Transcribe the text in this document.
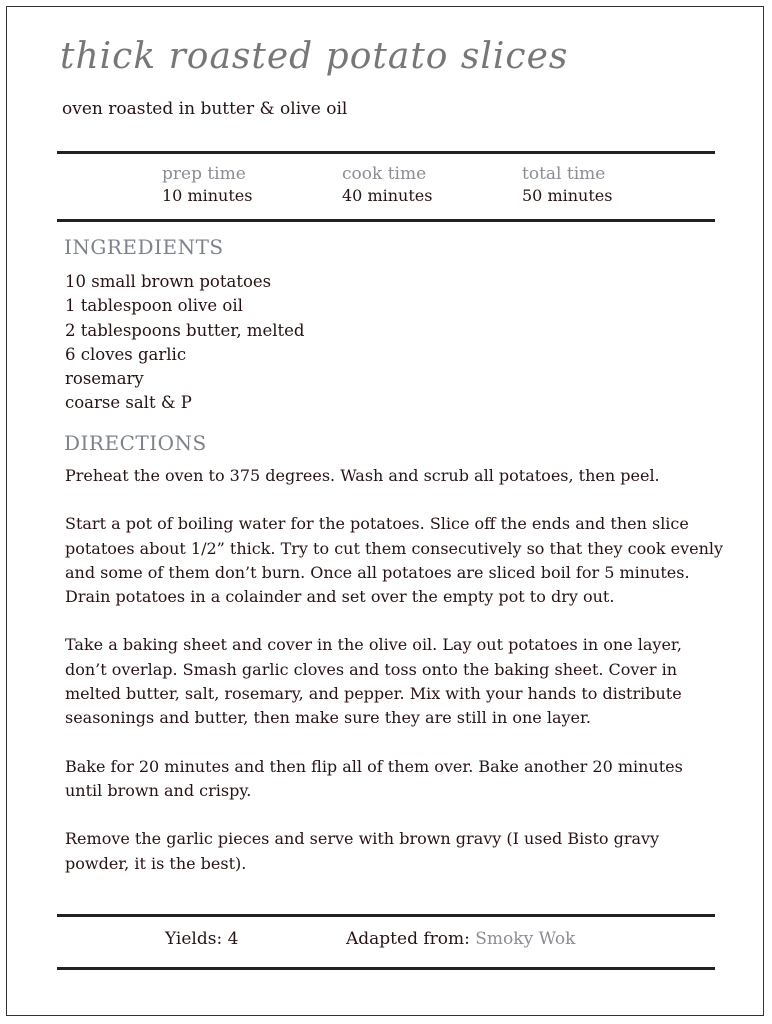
thick roasted potato slices
oven roasted in butter & olive oil
prep time
10 minutes
cook time
40 minutes
total time
50 minutes
INGREDIENTS
10 small brown potatoes
1 tablespoon olive oil
2 tablespoons butter, melted
6 cloves garlic
rosemary
coarse salt & P
DIRECTIONS

Preheat the oven to 375 degrees. Wash and scrub all potatoes, then peel.

Start a pot of boiling water for the potatoes. Slice off the ends and then slice potatoes about 1/2” thick. Try to cut them consecutively so that they cook evenly and some of them don’t burn. Once all potatoes are sliced boil for 5 minutes. Drain potatoes in a colainder and set over the empty pot to dry out.

Take a baking sheet and cover in the olive oil. Lay out potatoes in one layer, don’t overlap. Smash garlic cloves and toss onto the baking sheet. Cover in melted butter, salt, rosemary, and pepper. Mix with your hands to distribute seasonings and butter, then make sure they are still in one layer.

Bake for 20 minutes and then flip all of them over. Bake another 20 minutes until brown and crispy.

Remove the garlic pieces and serve with brown gravy (I used Bisto gravy powder, it is the best).

Yields: 4	Adapted from: Smoky Wok
